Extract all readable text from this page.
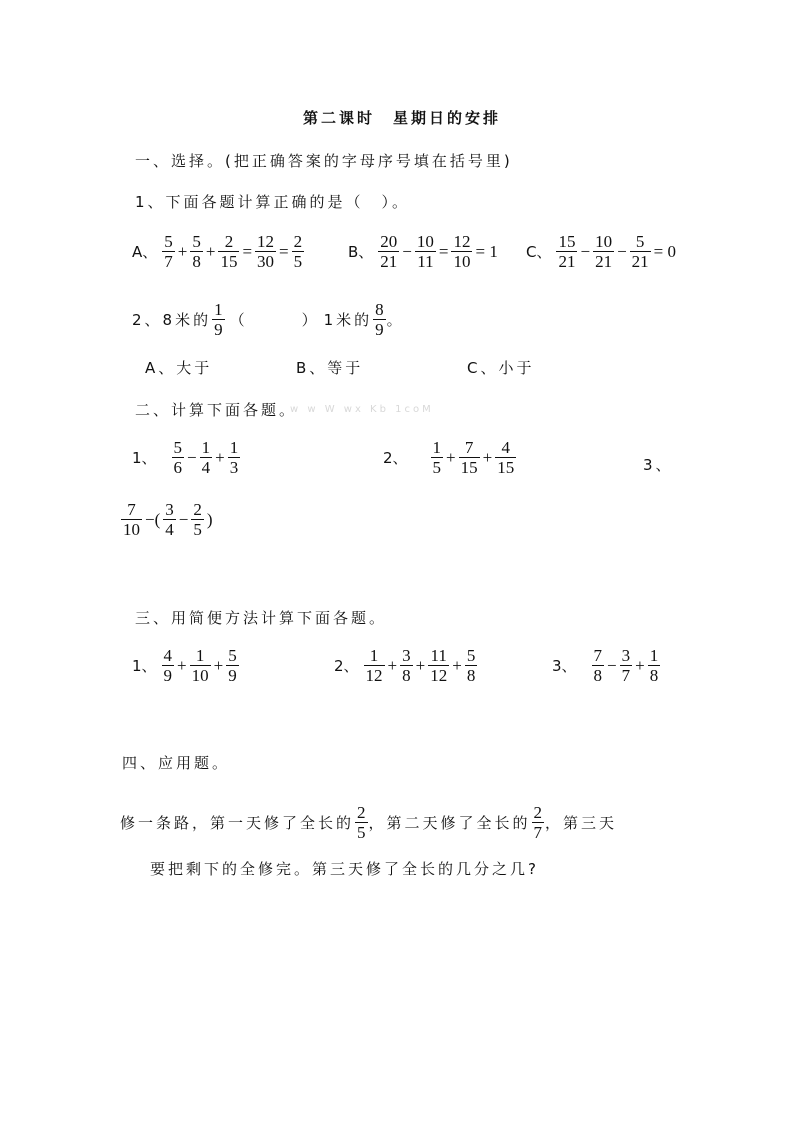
第二课时　星期日的安排
一、选择。(把正确答案的字母序号填在括号里)
1、下面各题计算正确的是（　）。
A、 $\frac{5}{7} + \frac{5}{8} + \frac{2}{15} = \frac{12}{30} = \frac{2}{5}$	B、 $\frac{20}{21} - \frac{10}{11} = \frac{12}{10} = 1$ C、 $\frac{15}{21} - \frac{10}{21} - \frac{5}{21} = 0$
2、8米的 $\frac{1}{9}$ （　　　） 1米的 $\frac{8}{9}$ 。
A、大于	B、等于	C、小于
二、计算下面各题。
w w W wx Kb 1coM
1、 $\frac{5}{6} - \frac{1}{4} + \frac{1}{3}$	2、 $\frac{1}{5} + \frac{7}{15} + \frac{4}{15}$	3、
$\frac{7}{10}$ −( $\frac{3}{4} - \frac{2}{5}$ )
三、用简便方法计算下面各题。
1、 $\frac{4}{9} + \frac{1}{10} + \frac{5}{9}$	2、 $\frac{1}{12} + \frac{3}{8} + \frac{11}{12} + \frac{5}{8}$	3、 $\frac{7}{8} - \frac{3}{7} + \frac{1}{8}$
四、应用题。
修一条路，第一天修了全长的 $\frac{2}{5}$ ，第二天修了全长的 $\frac{2}{7}$ ，第三天
要把剩下的全修完。第三天修了全长的几分之几?
